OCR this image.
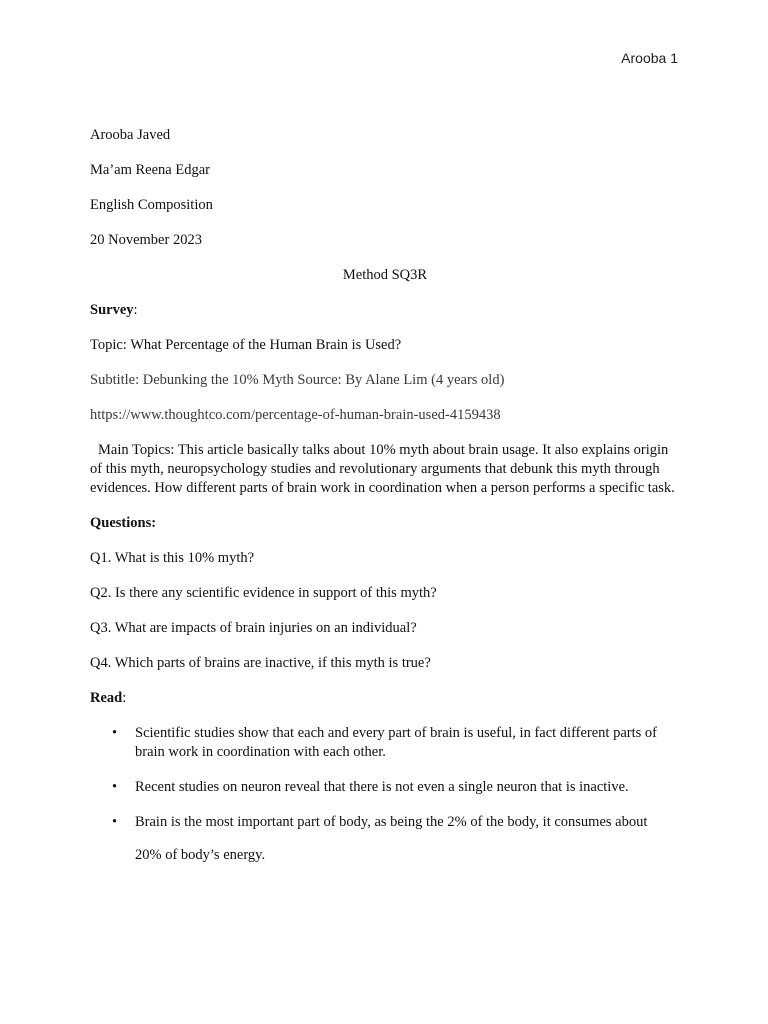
Arooba 1
Arooba Javed
Ma’am Reena Edgar
English Composition
20 November 2023
Method SQ3R
Survey:
Topic: What Percentage of the Human Brain is Used?
Subtitle: Debunking the 10% Myth Source: By Alane Lim (4 years old)
https://www.thoughtco.com/percentage-of-human-brain-used-4159438
Main Topics: This article basically talks about 10% myth about brain usage. It also explains origin of this myth, neuropsychology studies and revolutionary arguments that debunk this myth through evidences. How different parts of brain work in coordination when a person performs a specific task.
Questions:
Q1. What is this 10% myth?
Q2. Is there any scientific evidence in support of this myth?
Q3. What are impacts of brain injuries on an individual?
Q4. Which parts of brains are inactive, if this myth is true?
Read:
• Scientific studies show that each and every part of brain is useful, in fact different parts of brain work in coordination with each other.
• Recent studies on neuron reveal that there is not even a single neuron that is inactive.
• Brain is the most important part of body, as being the 2% of the body, it consumes about
20% of body’s energy.
